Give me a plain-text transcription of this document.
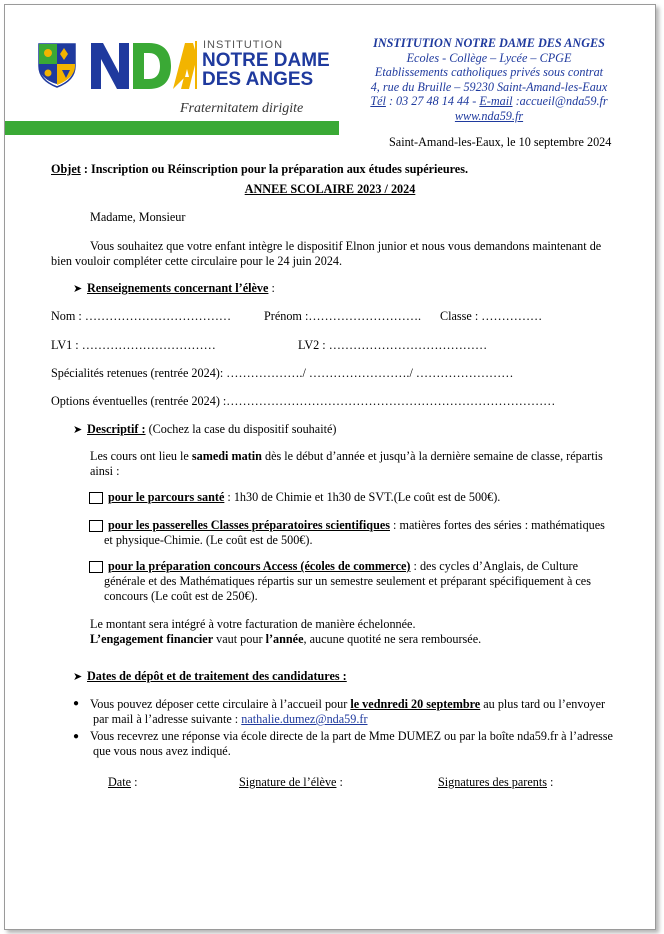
INSTITUTION
NOTRE DAME
DES ANGES
Fraternitatem dirigite
INSTITUTION NOTRE DAME DES ANGES
Ecoles - Collège – Lycée – CPGE
Etablissements catholiques privés sous contrat
4, rue du Bruille – 59230 Saint-Amand-les-Eaux
Tél : 03 27 48 14 44 - E-mail :accueil@nda59.fr
www.nda59.fr
Saint-Amand-les-Eaux, le 10 septembre 2024
Objet : Inscription ou Réinscription pour la préparation aux études supérieures.
ANNEE SCOLAIRE 2023 / 2024
Madame, Monsieur
Vous souhaitez que votre enfant intègre le dispositif Elnon junior et nous vous demandons maintenant de
bien vouloir compléter cette circulaire pour le 24 juin 2024.
➤ Renseignements concernant l’élève :
Nom : ………………………………	Prénom :………………………. Classe : ……………
LV1 : ……………………………	LV2 : …………………………………
Spécialités retenues (rentrée 2024): ………………./ ……………………./ ……………………
Options éventuelles (rentrée 2024) :………………………………………………………………………
➤ Descriptif : (Cochez la case du dispositif souhaité)
Les cours ont lieu le samedi matin dès le début d’année et jusqu’à la dernière semaine de classe, répartis
ainsi :
pour le parcours santé : 1h30 de Chimie et 1h30 de SVT.(Le coût est de 500€).
pour les passerelles Classes préparatoires scientifiques : matières fortes des séries : mathématiques
et physique-Chimie. (Le coût est de 500€).
pour la préparation concours Access (écoles de commerce) : des cycles d’Anglais, de Culture
générale et des Mathématiques répartis sur un semestre seulement et préparant spécifiquement à ces
concours (Le coût est de 250€).
Le montant sera intégré à votre facturation de manière échelonnée.
L’engagement financier vaut pour l’année, aucune quotité ne sera remboursée.
➤ Dates de dépôt et de traitement des candidatures :
● Vous pouvez déposer cette circulaire à l’accueil pour le vednredi 20 septembre au plus tard ou l’envoyer
par mail à l’adresse suivante : nathalie.dumez@nda59.fr
● Vous recevrez une réponse via école directe de la part de Mme DUMEZ ou par la boîte nda59.fr à l’adresse
que vous nous avez indiqué.
Date :	Signature de l’élève :	Signatures des parents :
